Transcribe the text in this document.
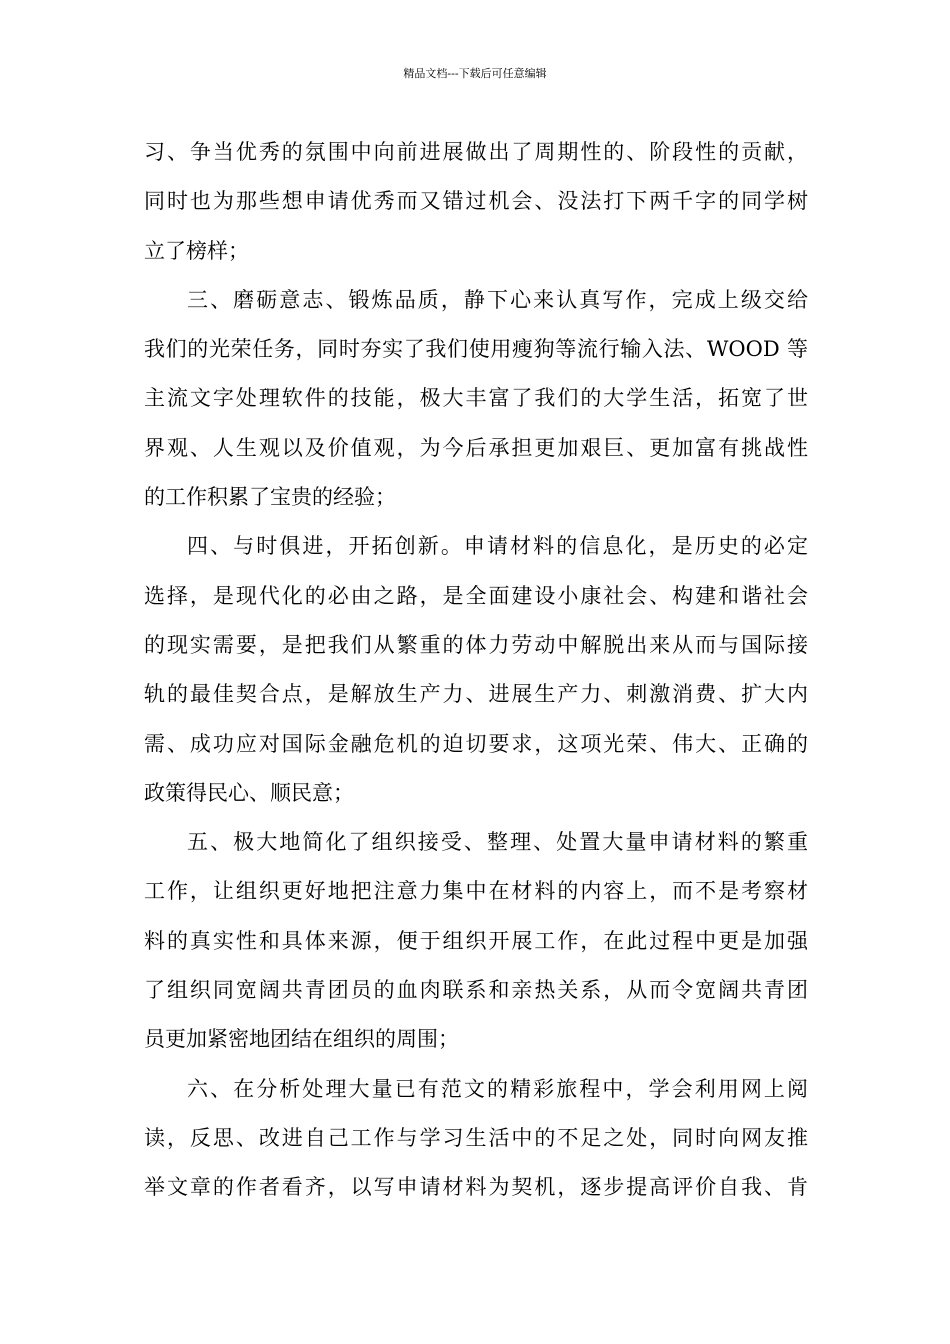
精品文档---下载后可任意编辑
习、争当优秀的氛围中向前进展做出了周期性的、阶段性的贡献，
同时也为那些想申请优秀而又错过机会、没法打下两千字的同学树
立了榜样；
三、磨砺意志、锻炼品质，静下心来认真写作，完成上级交给
我们的光荣任务，同时夯实了我们使用瘦狗等流行输入法、WOOD 等
主流文字处理软件的技能，极大丰富了我们的大学生活，拓宽了世
界观、人生观以及价值观，为今后承担更加艰巨、更加富有挑战性
的工作积累了宝贵的经验；
四、与时俱进，开拓创新。申请材料的信息化，是历史的必定
选择，是现代化的必由之路，是全面建设小康社会、构建和谐社会
的现实需要，是把我们从繁重的体力劳动中解脱出来从而与国际接
轨的最佳契合点，是解放生产力、进展生产力、刺激消费、扩大内
需、成功应对国际金融危机的迫切要求，这项光荣、伟大、正确的
政策得民心、顺民意；
五、极大地简化了组织接受、整理、处置大量申请材料的繁重
工作，让组织更好地把注意力集中在材料的内容上，而不是考察材
料的真实性和具体来源，便于组织开展工作，在此过程中更是加强
了组织同宽阔共青团员的血肉联系和亲热关系，从而令宽阔共青团
员更加紧密地团结在组织的周围；
六、在分析处理大量已有范文的精彩旅程中，学会利用网上阅
读，反思、改进自己工作与学习生活中的不足之处，同时向网友推
举文章的作者看齐，以写申请材料为契机，逐步提高评价自我、肯
